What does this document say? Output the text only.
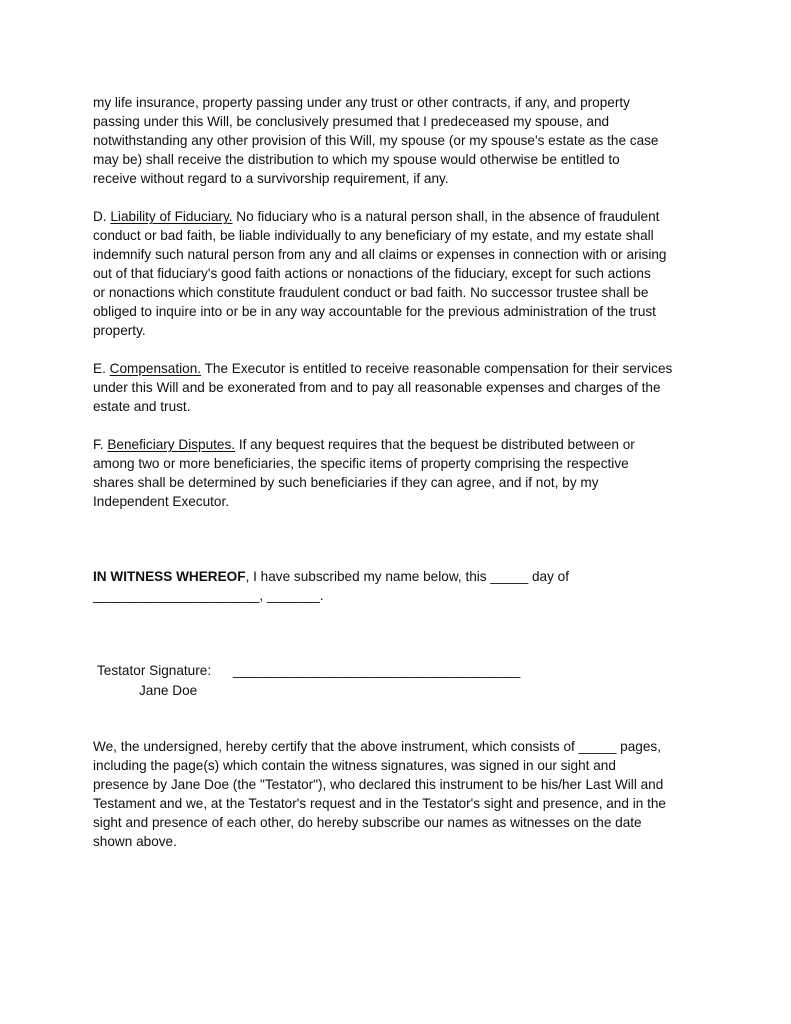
my life insurance, property passing under any trust or other contracts, if any, and property
passing under this Will, be conclusively presumed that I predeceased my spouse, and
notwithstanding any other provision of this Will, my spouse (or my spouse's estate as the case
may be) shall receive the distribution to which my spouse would otherwise be entitled to
receive without regard to a survivorship requirement, if any.
D. Liability of Fiduciary. No fiduciary who is a natural person shall, in the absence of fraudulent
conduct or bad faith, be liable individually to any beneficiary of my estate, and my estate shall
indemnify such natural person from any and all claims or expenses in connection with or arising
out of that fiduciary's good faith actions or nonactions of the fiduciary, except for such actions
or nonactions which constitute fraudulent conduct or bad faith. No successor trustee shall be
obliged to inquire into or be in any way accountable for the previous administration of the trust
property.
E. Compensation. The Executor is entitled to receive reasonable compensation for their services
under this Will and be exonerated from and to pay all reasonable expenses and charges of the
estate and trust.
F. Beneficiary Disputes. If any bequest requires that the bequest be distributed between or
among two or more beneficiaries, the specific items of property comprising the respective
shares shall be determined by such beneficiaries if they can agree, and if not, by my
Independent Executor.
IN WITNESS WHEREOF, I have subscribed my name below, this _____ day of
______________________, _______.
Testator Signature: ______________________________________
Jane Doe
We, the undersigned, hereby certify that the above instrument, which consists of _____ pages,
including the page(s) which contain the witness signatures, was signed in our sight and
presence by Jane Doe (the "Testator"), who declared this instrument to be his/her Last Will and
Testament and we, at the Testator's request and in the Testator's sight and presence, and in the
sight and presence of each other, do hereby subscribe our names as witnesses on the date
shown above.
